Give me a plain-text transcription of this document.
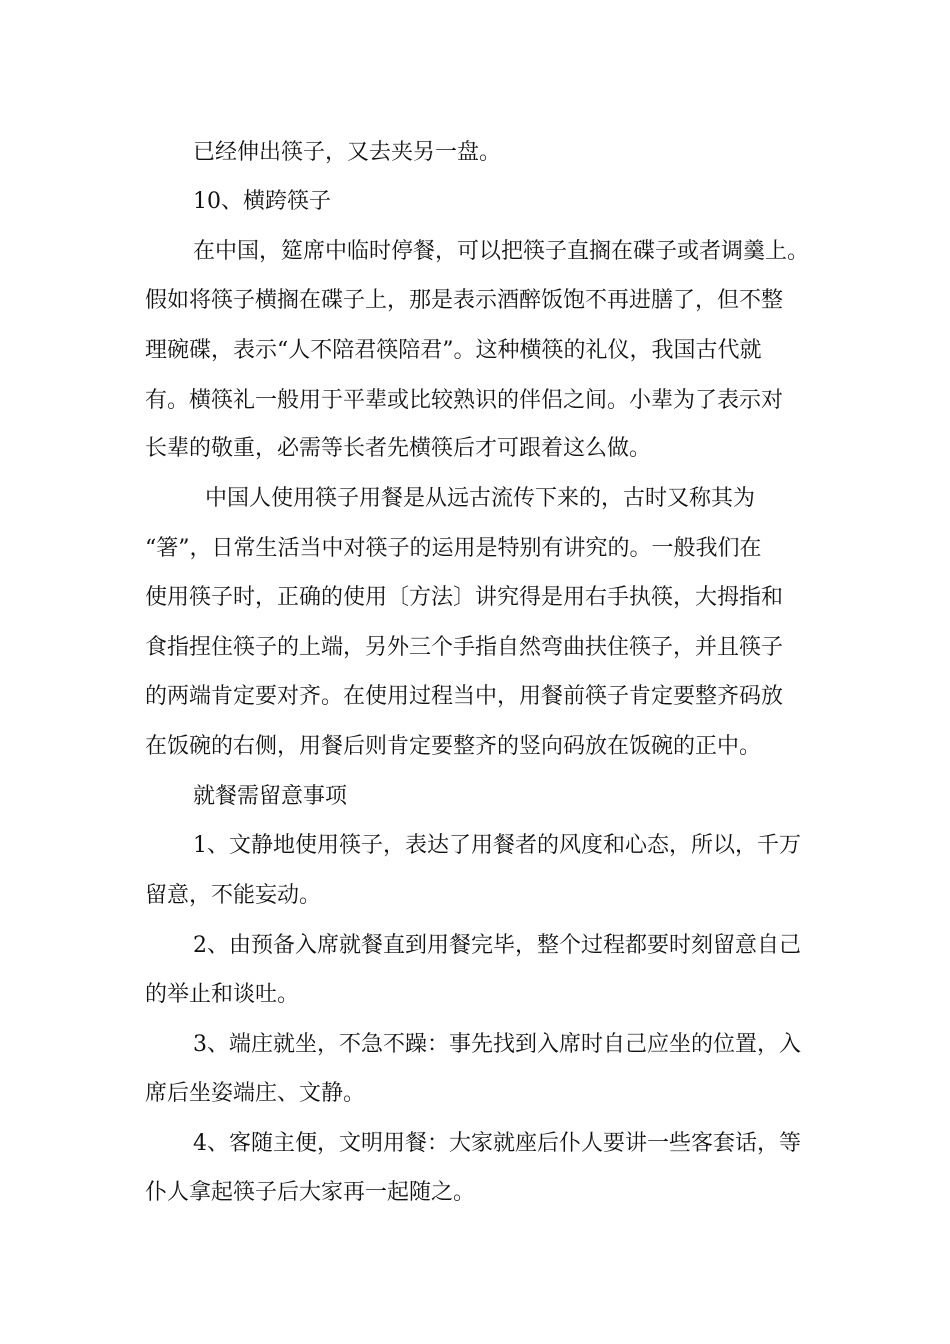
已经伸出筷子，又去夹另一盘。

10、横跨筷子

在中国，筵席中临时停餐，可以把筷子直搁在碟子或者调羹上。

假如将筷子横搁在碟子上，那是表示酒醉饭饱不再进膳了，但不整

理碗碟，表示“人不陪君筷陪君”。这种横筷的礼仪，我国古代就

有。横筷礼一般用于平辈或比较熟识的伴侣之间。小辈为了表示对

长辈的敬重，必需等长者先横筷后才可跟着这么做。

中国人使用筷子用餐是从远古流传下来的，古时又称其为

“箸”，日常生活当中对筷子的运用是特别有讲究的。一般我们在

使用筷子时，正确的使用〔方法〕讲究得是用右手执筷，大拇指和

食指捏住筷子的上端，另外三个手指自然弯曲扶住筷子，并且筷子

的两端肯定要对齐。在使用过程当中，用餐前筷子肯定要整齐码放

在饭碗的右侧，用餐后则肯定要整齐的竖向码放在饭碗的正中。

就餐需留意事项

1、文静地使用筷子，表达了用餐者的风度和心态，所以，千万

留意，不能妄动。

2、由预备入席就餐直到用餐完毕，整个过程都要时刻留意自己

的举止和谈吐。

3、端庄就坐，不急不躁：事先找到入席时自己应坐的位置，入

席后坐姿端庄、文静。

4、客随主便，文明用餐：大家就座后仆人要讲一些客套话，等

仆人拿起筷子后大家再一起随之。
